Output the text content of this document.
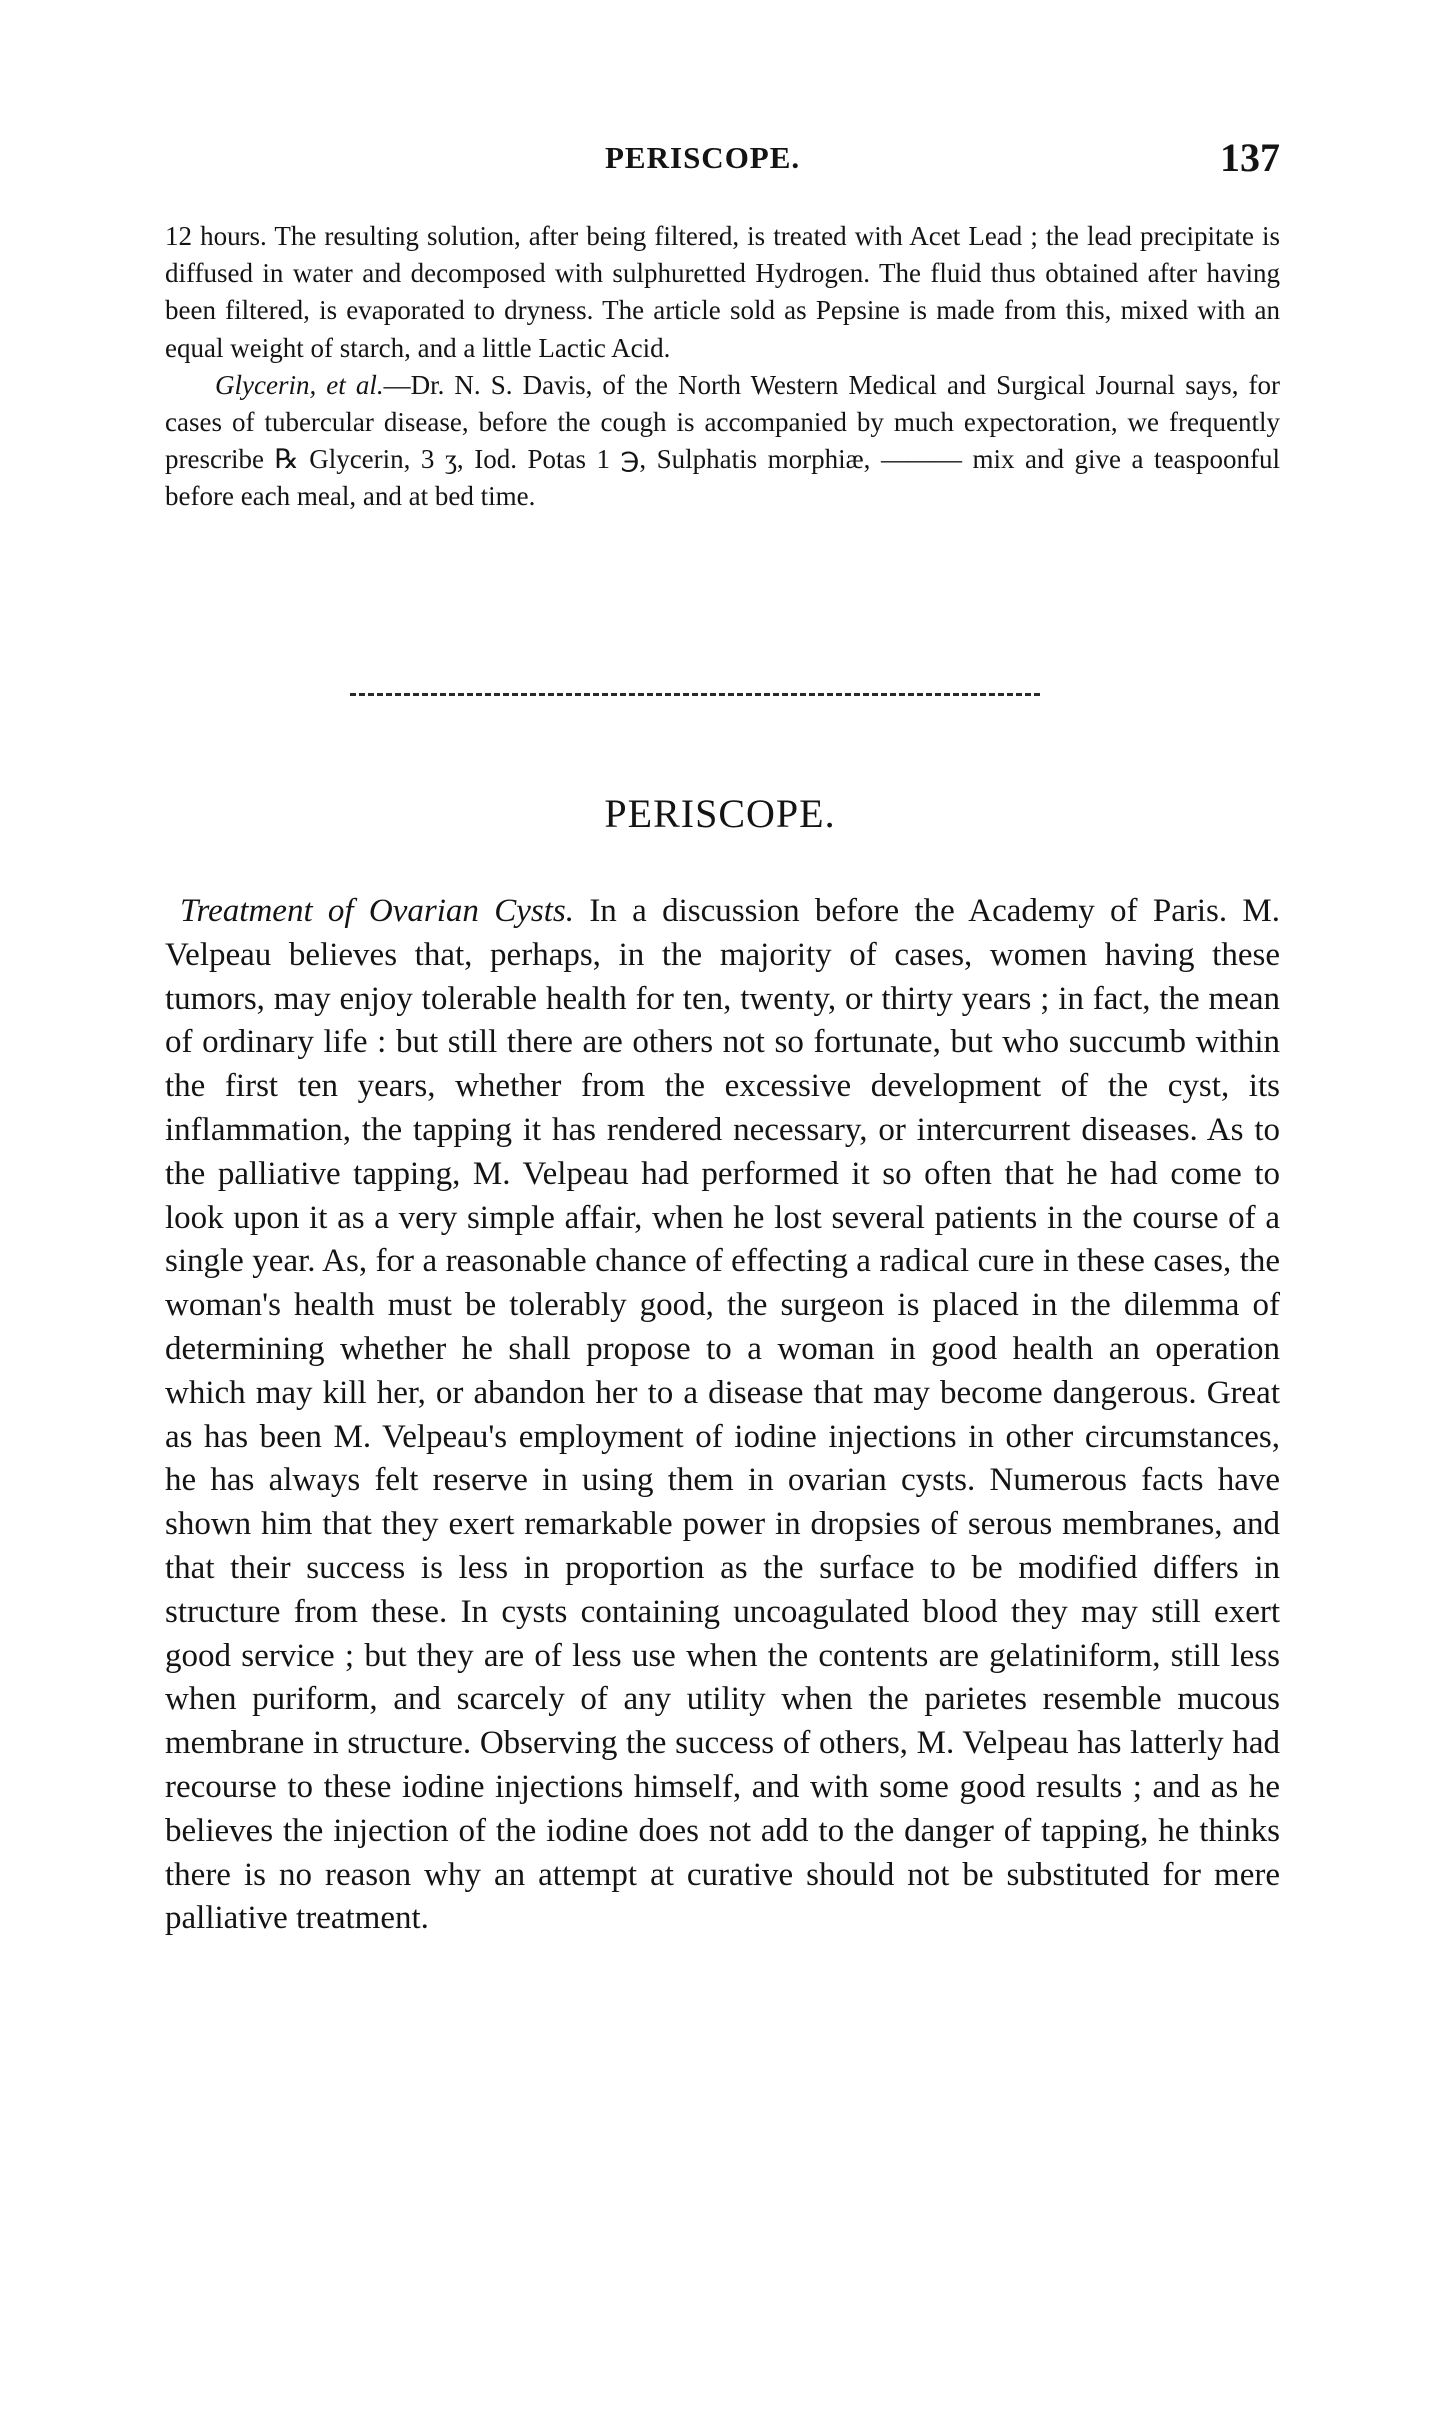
PERISCOPE.	137

12 hours. The resulting solution, after being filtered, is treated with Acet Lead ; the lead precipitate is diffused in water and decomposed with sulphuretted Hydrogen. The fluid thus obtained after having been filtered, is evaporated to dryness. The article sold as Pepsine is made from this, mixed with an equal weight of starch, and a little Lactic Acid.

Glycerin, et al.—Dr. N. S. Davis, of the North Western Medical and Surgical Journal says, for cases of tubercular disease, before the cough is accompanied by much expectoration, we frequently prescribe ℞ Glycerin, 3 ʒ, Iod. Potas 1 ℈, Sulphatis morphiæ, ——— mix and give a teaspoonful before each meal, and at bed time.

PERISCOPE.

Treatment of Ovarian Cysts. In a discussion before the Academy of Paris. M. Velpeau believes that, perhaps, in the majority of cases, women having these tumors, may enjoy tolerable health for ten, twenty, or thirty years ; in fact, the mean of ordinary life : but still there are others not so fortunate, but who succumb within the first ten years, whether from the excessive development of the cyst, its inflammation, the tapping it has rendered necessary, or intercurrent diseases. As to the palliative tapping, M. Velpeau had performed it so often that he had come to look upon it as a very simple affair, when he lost several patients in the course of a single year. As, for a reasonable chance of effecting a radical cure in these cases, the woman's health must be tolerably good, the surgeon is placed in the dilemma of determining whether he shall propose to a woman in good health an operation which may kill her, or abandon her to a disease that may become dangerous. Great as has been M. Velpeau's employment of iodine injections in other circumstances, he has always felt reserve in using them in ovarian cysts. Numerous facts have shown him that they exert remarkable power in dropsies of serous membranes, and that their success is less in proportion as the surface to be modified differs in structure from these. In cysts containing uncoagulated blood they may still exert good service ; but they are of less use when the contents are gelatiniform, still less when puriform, and scarcely of any utility when the parietes resemble mucous membrane in structure. Observing the success of others, M. Velpeau has latterly had recourse to these iodine injections himself, and with some good results ; and as he believes the injection of the iodine does not add to the danger of tapping, he thinks there is no reason why an attempt at curative should not be substituted for mere palliative treatment.
